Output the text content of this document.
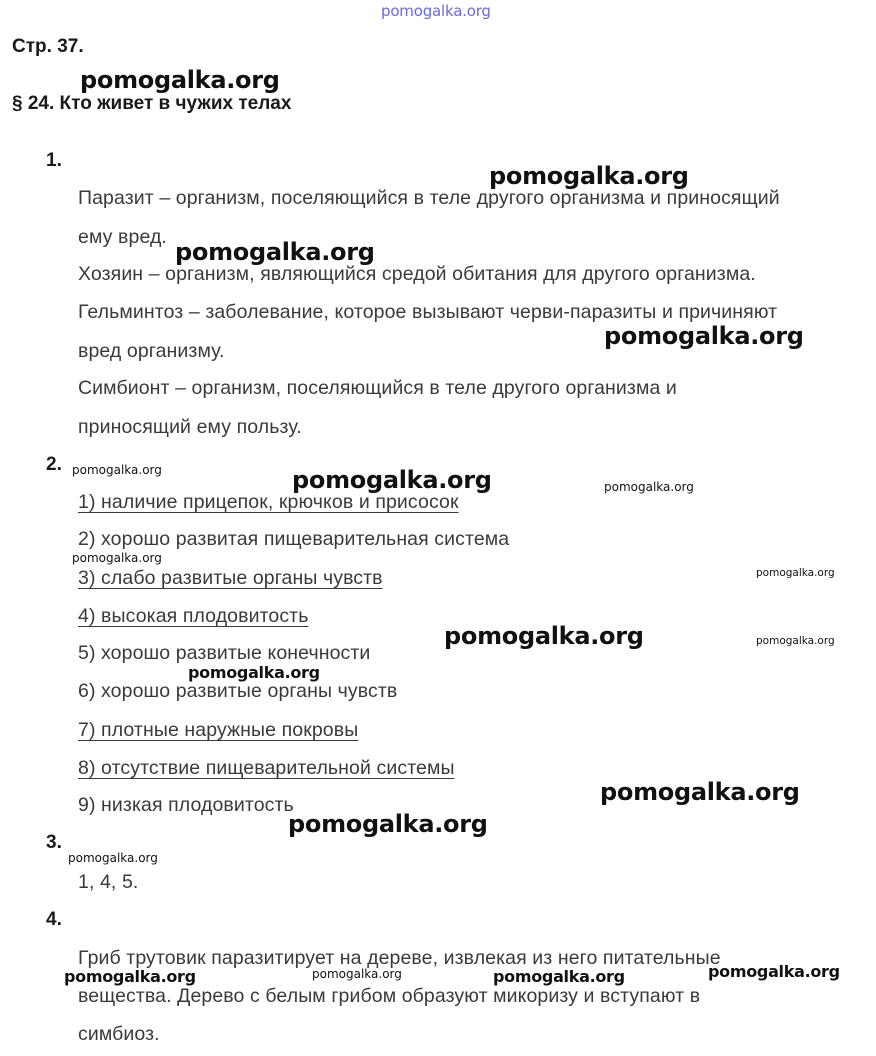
Стр. 37.
§ 24. Кто живет в чужих телах
1.
Паразит – организм, поселяющийся в теле другого организма и приносящий
ему вред.
Хозяин – организм, являющийся средой обитания для другого организма.
Гельминтоз – заболевание, которое вызывают черви-паразиты и причиняют
вред организму.
Симбионт – организм, поселяющийся в теле другого организма и
приносящий ему пользу.
2.
1) наличие прицепок, крючков и присосок
2) хорошо развитая пищеварительная система
3) слабо развитые органы чувств
4) высокая плодовитость
5) хорошо развитые конечности
6) хорошо развитые органы чувств
7) плотные наружные покровы
8) отсутствие пищеварительной системы
9) низкая плодовитость
3.
1, 4, 5.
4.
Гриб трутовик паразитирует на дереве, извлекая из него питательные
вещества. Дерево с белым грибом образуют микоризу и вступают в
симбиоз.
pomogalka.org
pomogalka.org
pomogalka.org
pomogalka.org
pomogalka.org
pomogalka.org	pomogalka.org	pomogalka.org
pomogalka.org
pomogalka.org
pomogalka.org	pomogalka.org
pomogalka.org
pomogalka.org
pomogalka.org
pomogalka.org
pomogalka.org	pomogalka.org	pomogalka.org	pomogalka.org
